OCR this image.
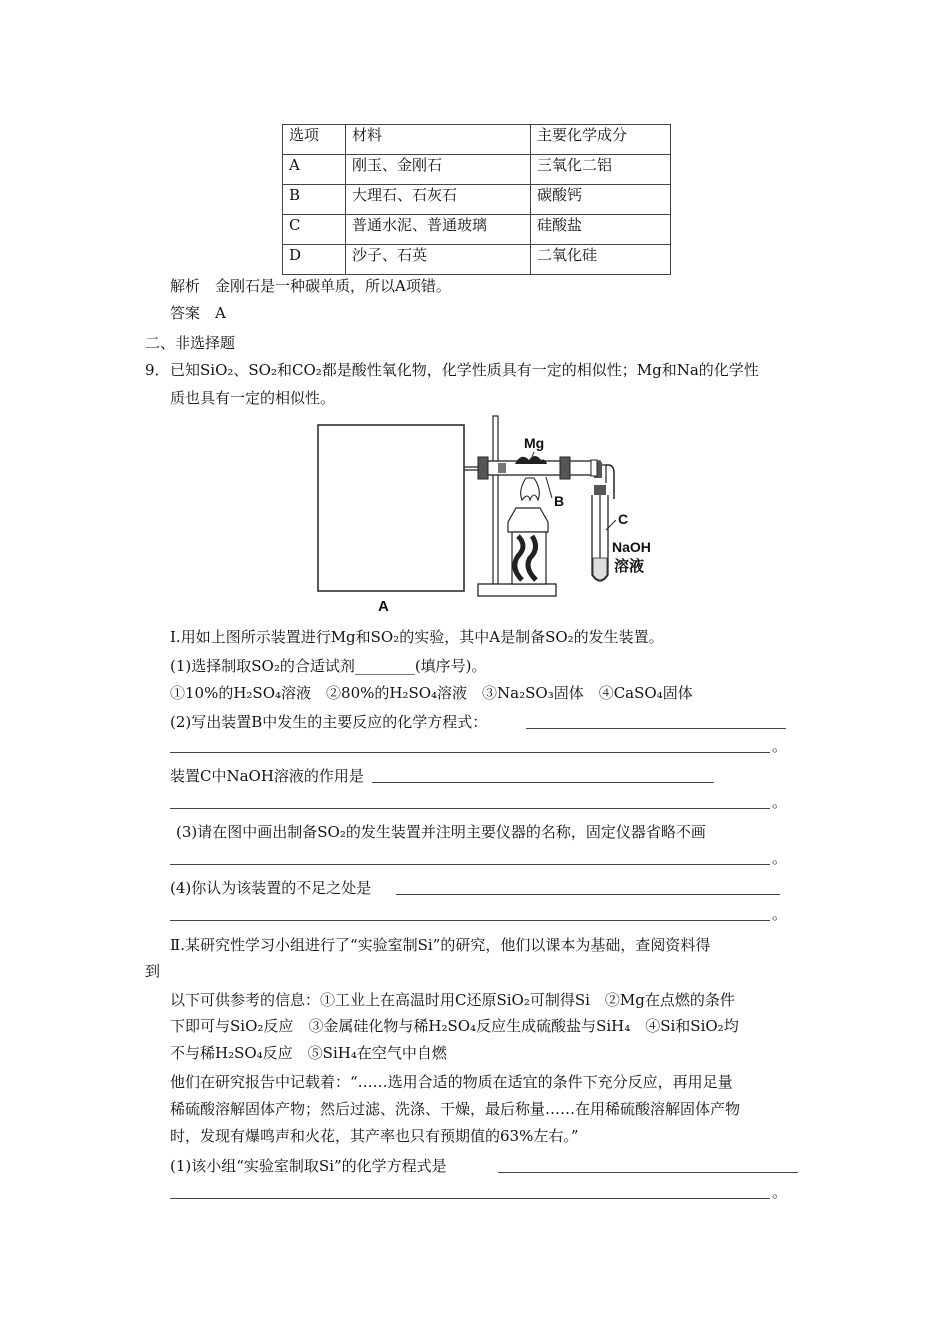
选项	材料	主要化学成分
A	刚玉、金刚石	三氧化二铝
B	大理石、石灰石	碳酸钙
C	普通水泥、普通玻璃	硅酸盐
D	沙子、石英	二氧化硅
解析　金刚石是一种碳单质，所以A项错。
答案　A
二、非选择题
9． 已知SiO₂、SO₂和CO₂都是酸性氧化物，化学性质具有一定的相似性；Mg和Na的化学性
质也具有一定的相似性。
A
Mg
B
C
NaOH
溶液
Ⅰ.用如上图所示装置进行Mg和SO₂的实验，其中A是制备SO₂的发生装置。
(1)选择制取SO₂的合适试剂________(填序号)。
①10%的H₂SO₄溶液　②80%的H₂SO₄溶液　③Na₂SO₃固体　④CaSO₄固体
(2)写出装置B中发生的主要反应的化学方程式：
。
装置C中NaOH溶液的作用是
。
(3)请在图中画出制备SO₂的发生装置并注明主要仪器的名称，固定仪器省略不画
。
(4)你认为该装置的不足之处是
。
Ⅱ.某研究性学习小组进行了“实验室制Si”的研究，他们以课本为基础，查阅资料得
到
以下可供参考的信息：①工业上在高温时用C还原SiO₂可制得Si　②Mg在点燃的条件
下即可与SiO₂反应　③金属硅化物与稀H₂SO₄反应生成硫酸盐与SiH₄　④Si和SiO₂均
不与稀H₂SO₄反应　⑤SiH₄在空气中自燃
他们在研究报告中记载着：“……选用合适的物质在适宜的条件下充分反应，再用足量
稀硫酸溶解固体产物；然后过滤、洗涤、干燥，最后称量……在用稀硫酸溶解固体产物
时，发现有爆鸣声和火花，其产率也只有预期值的63%左右。”
(1)该小组“实验室制取Si”的化学方程式是
。
